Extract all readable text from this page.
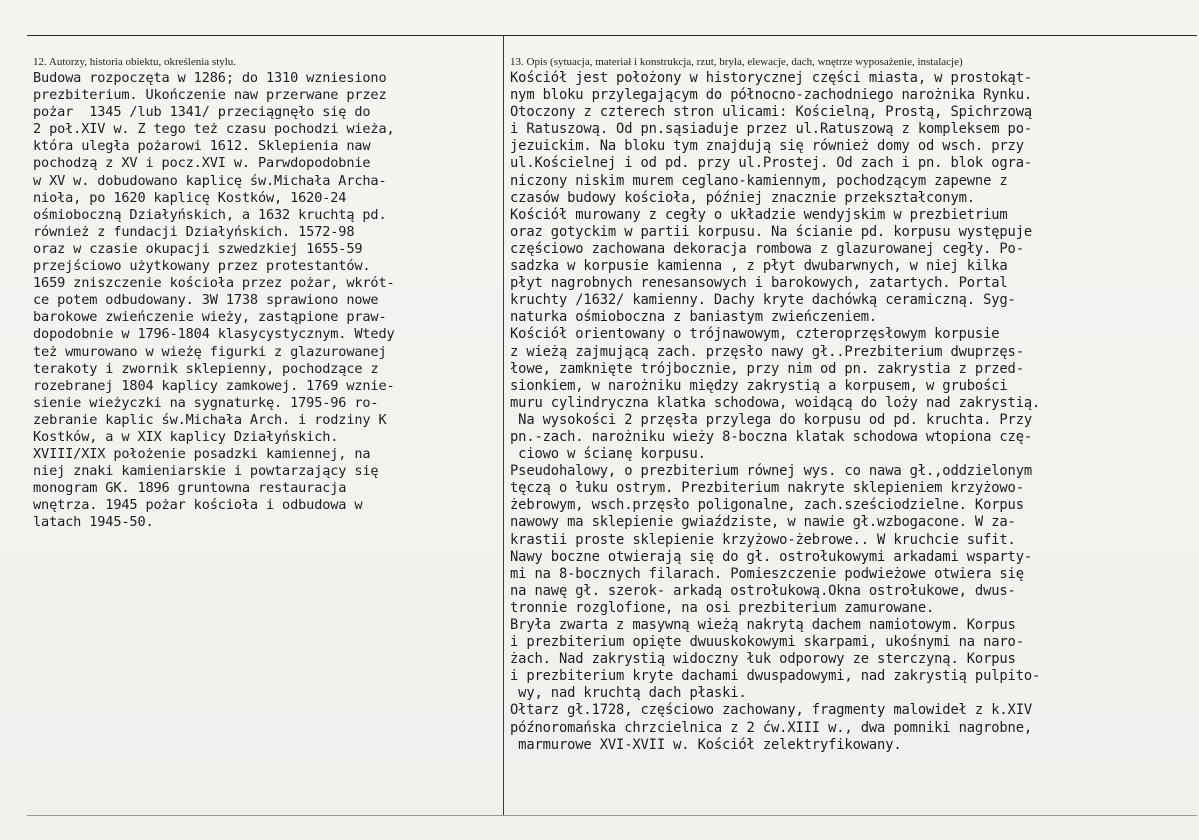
12. Autorzy, historia obiektu, określenia stylu.	13. Opis (sytuacja, materiał i konstrukcja, rzut, bryła, elewacje, dach, wnętrze wyposażenie, instalacje)
Budowa rozpoczęta w 1286; do 1310 wzniesiono
prezbiterium. Ukończenie naw przerwane przez
pożar  1345 /lub 1341/ przeciągnęło się do
2 poł.XIV w. Z tego też czasu pochodzi wieża,
która uległa pożarowi 1612. Sklepienia naw
pochodzą z XV i pocz.XVI w. Parwdopodobnie
w XV w. dobudowano kaplicę św.Michała Archa-
nioła, po 1620 kaplicę Kostków, 1620-24
ośmioboczną Działyńskich, a 1632 kruchtą pd.
również z fundacji Działyńskich. 1572-98
oraz w czasie okupacji szwedzkiej 1655-59
przejściowo użytkowany przez protestantów.
1659 zniszczenie kościoła przez pożar, wkrót-
ce potem odbudowany. 3W 1738 sprawiono nowe
barokowe zwieńczenie wieży, zastąpione praw-
dopodobnie w 1796-1804 klasycystycznym. Wtedy
też wmurowano w wieżę figurki z glazurowanej
terakoty i zwornik sklepienny, pochodzące z
rozebranej 1804 kaplicy zamkowej. 1769 wznie-
sienie wieżyczki na sygnaturkę. 1795-96 ro-
zebranie kaplic św.Michała Arch. i rodziny K
Kostków, a w XIX kaplicy Działyńskich.
XVIII/XIX położenie posadzki kamiennej, na
niej znaki kamieniarskie i powtarzający się
monogram GK. 1896 gruntowna restauracja
wnętrza. 1945 pożar kościoła i odbudowa w
latach 1945-50.
Kościół jest położony w historycznej części miasta, w prostokąt-
nym bloku przylegającym do północno-zachodniego narożnika Rynku.
Otoczony z czterech stron ulicami: Kościelną, Prostą, Spichrzową
i Ratuszową. Od pn.sąsiaduje przez ul.Ratuszową z kompleksem po-
jezuickim. Na bloku tym znajdują się również domy od wsch. przy
ul.Kościelnej i od pd. przy ul.Prostej. Od zach i pn. blok ogra-
niczony niskim murem ceglano-kamiennym, pochodzącym zapewne z
czasów budowy kościoła, później znacznie przekształconym.
Kościół murowany z cegły o układzie wendyjskim w prezbietrium
oraz gotyckim w partii korpusu. Na ścianie pd. korpusu występuje
częściowo zachowana dekoracja rombowa z glazurowanej cegły. Po-
sadzka w korpusie kamienna , z płyt dwubarwnych, w niej kilka
płyt nagrobnych renesansowych i barokowych, zatartych. Portal
kruchty /1632/ kamienny. Dachy kryte dachówką ceramiczną. Syg-
naturka ośmioboczna z baniastym zwieńczeniem.
Kościół orientowany o trójnawowym, czteroprzęsłowym korpusie
z wieżą zajmującą zach. przęsło nawy gł..Prezbiterium dwuprzęs-
łowe, zamknięte trójbocznie, przy nim od pn. zakrystia z przed-
sionkiem, w narożniku między zakrystią a korpusem, w grubości
muru cylindryczna klatka schodowa, woidącą do loży nad zakrystią.
Na wysokości 2 przęsła przylega do korpusu od pd. kruchta. Przy
pn.-zach. narożniku wieży 8-boczna klatak schodowa wtopiona czę-
ciowo w ścianę korpusu.
Pseudohalowy, o prezbiterium równej wys. co nawa gł.,oddzielonym
tęczą o łuku ostrym. Prezbiterium nakryte sklepieniem krzyżowo-
żebrowym, wsch.przęsło poligonalne, zach.sześciodzielne. Korpus
nawowy ma sklepienie gwiaździste, w nawie gł.wzbogacone. W za-
krastii proste sklepienie krzyżowo-żebrowe.. W kruchcie sufit.
Nawy boczne otwierają się do gł. ostrołukowymi arkadami wsparty-
mi na 8-bocznych filarach. Pomieszczenie podwieżowe otwiera się
na nawę gł. szerok- arkadą ostrołukową.Okna ostrołukowe, dwus-
tronnie rozglofione, na osi prezbiterium zamurowane.
Bryła zwarta z masywną wieżą nakrytą dachem namiotowym. Korpus
i prezbiterium opięte dwuuskokowymi skarpami, ukośnymi na naro-
żach. Nad zakrystią widoczny łuk odporowy ze sterczyną. Korpus
i prezbiterium kryte dachami dwuspadowymi, nad zakrystią pulpito-
wy, nad kruchtą dach płaski.
Ołtarz gł.1728, częściowo zachowany, fragmenty malowideł z k.XIV
późnoromańska chrzcielnica z 2 ćw.XIII w., dwa pomniki nagrobne,
marmurowe XVI-XVII w. Kościół zelektryfikowany.
